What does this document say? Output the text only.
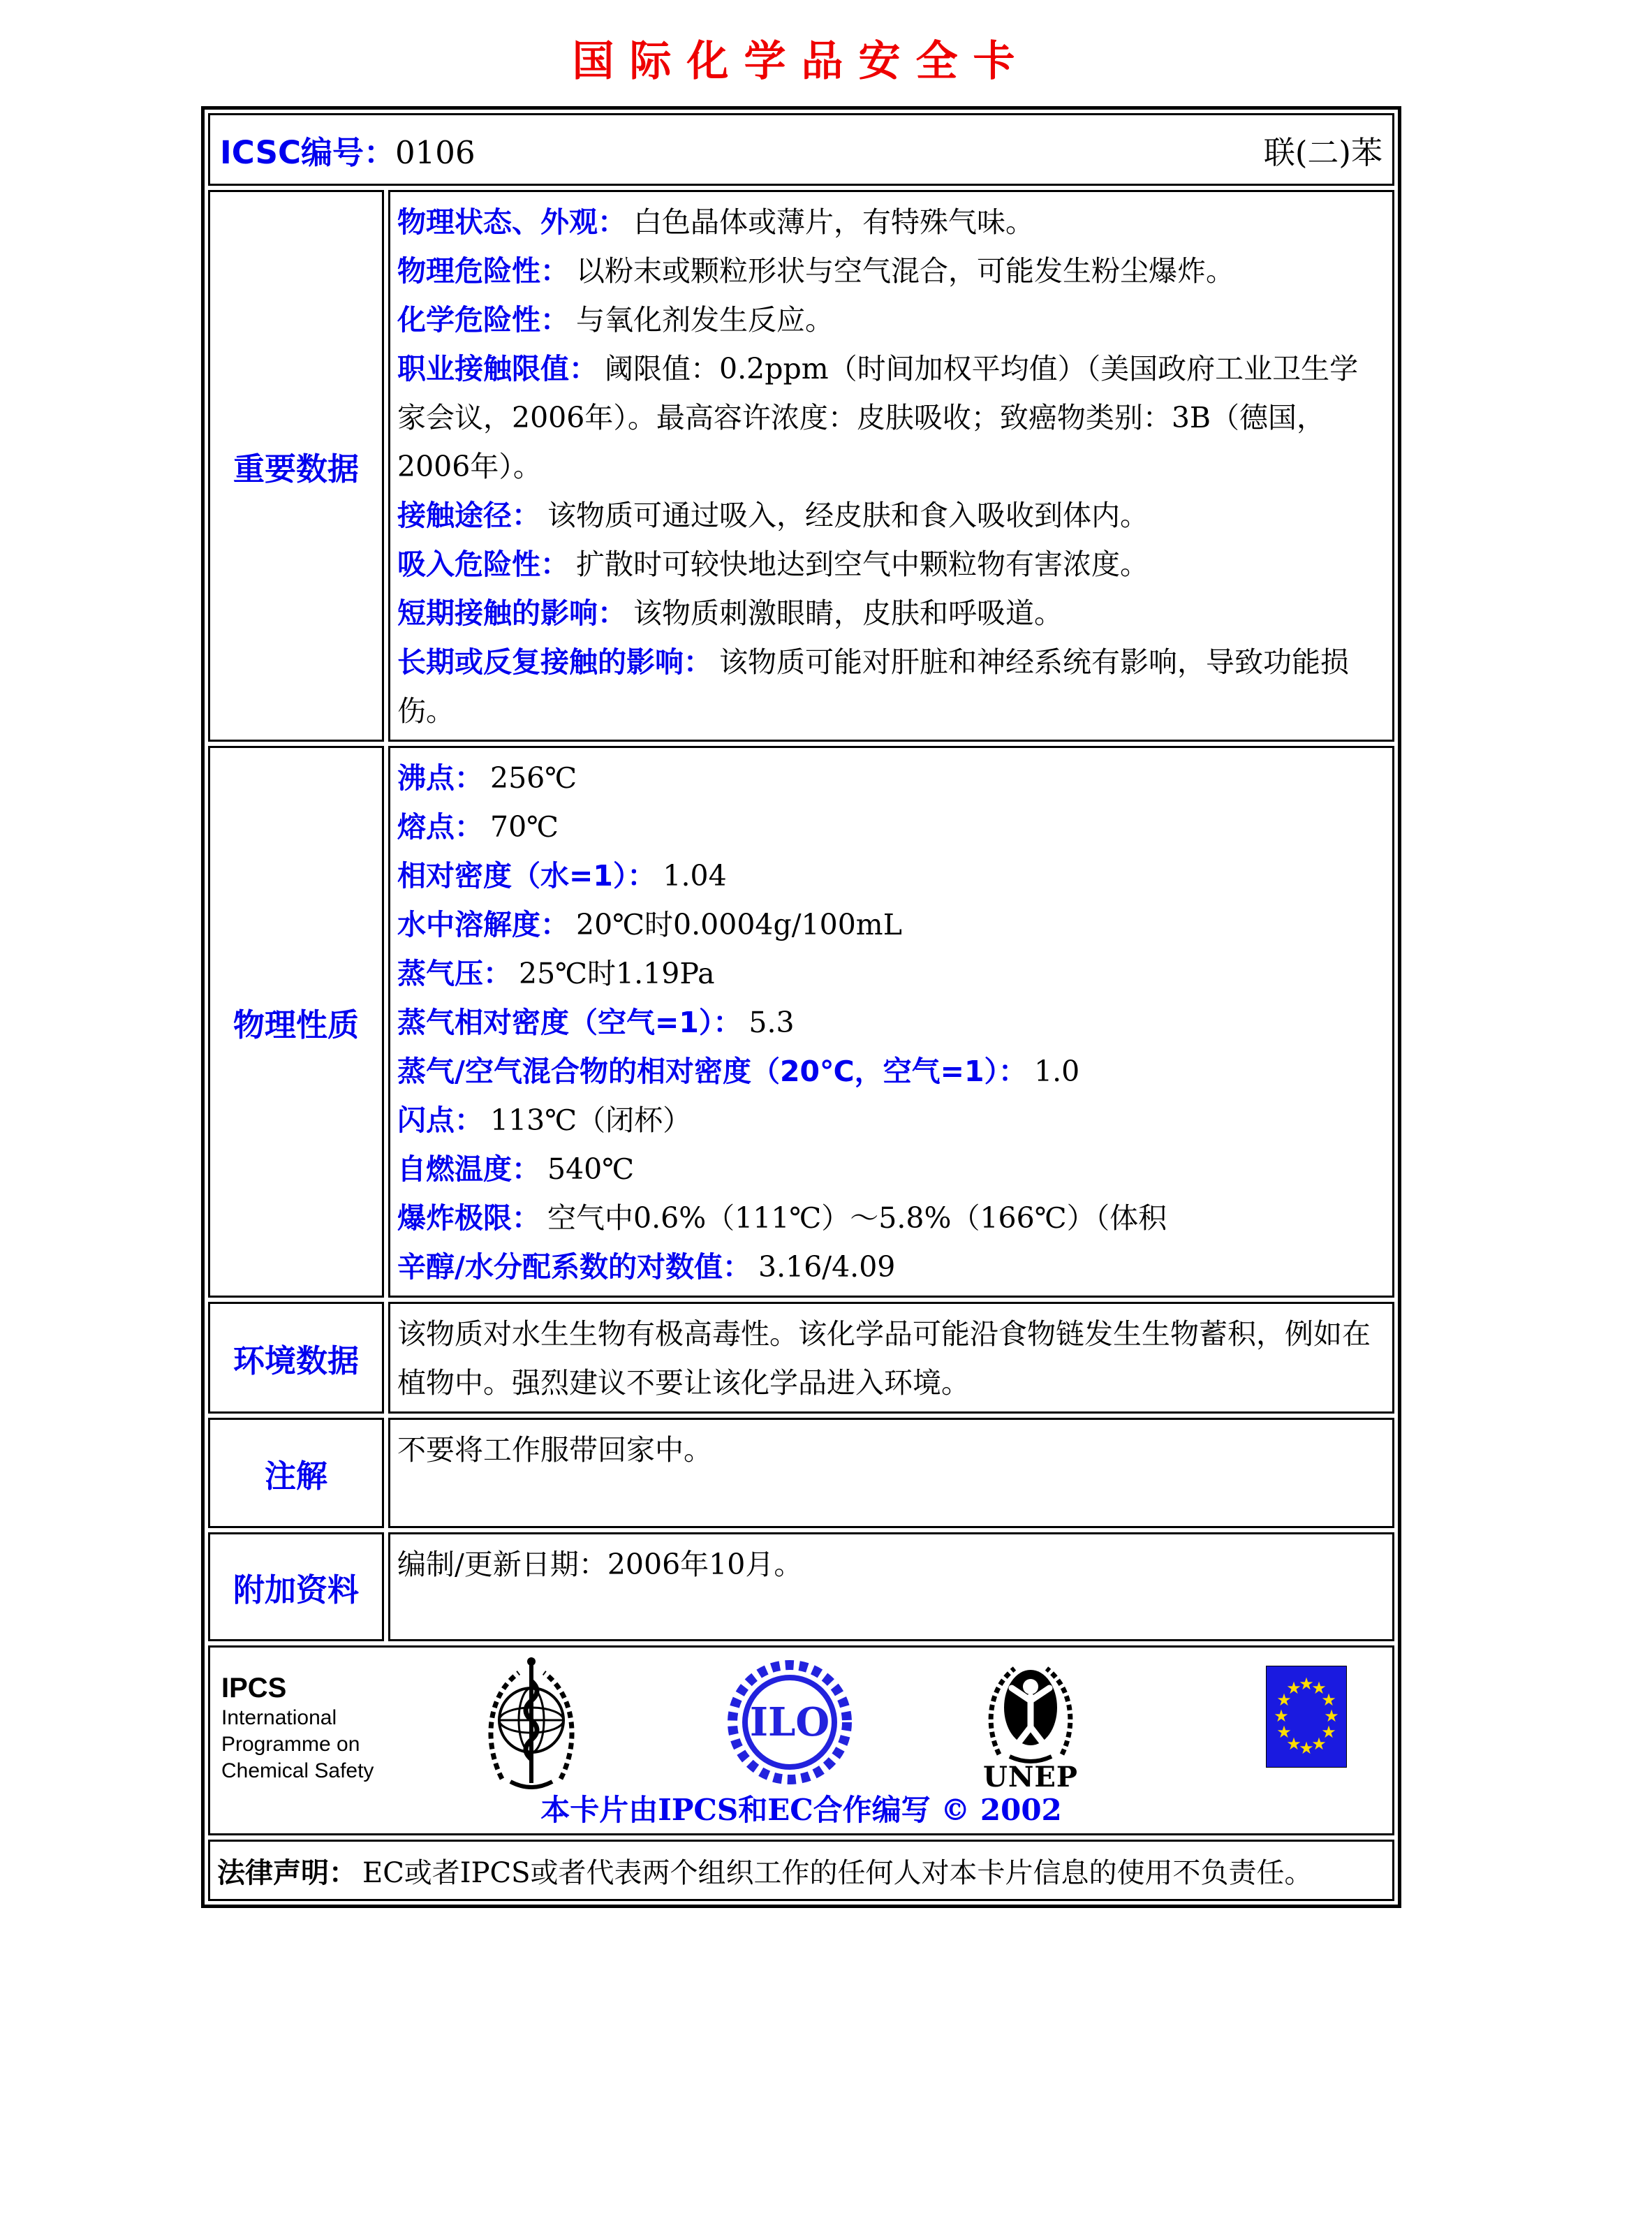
国际化学品安全卡
ICSC编号：0106	联(二)苯
重要数据
物理状态、外观： 白色晶体或薄片，有特殊气味。
物理危险性： 以粉末或颗粒形状与空气混合，可能发生粉尘爆炸。
化学危险性： 与氧化剂发生反应。
职业接触限值： 阈限值：0.2ppm（时间加权平均值）（美国政府工业卫生学家会议，2006年）。最高容许浓度：皮肤吸收；致癌物类别：3B（德国，2006年）。
接触途径： 该物质可通过吸入，经皮肤和食入吸收到体内。
吸入危险性： 扩散时可较快地达到空气中颗粒物有害浓度。
短期接触的影响： 该物质刺激眼睛，皮肤和呼吸道。
长期或反复接触的影响： 该物质可能对肝脏和神经系统有影响，导致功能损伤。
物理性质
沸点： 256℃
熔点： 70℃
相对密度（水=1）： 1.04
水中溶解度： 20℃时0.0004g/100mL
蒸气压： 25℃时1.19Pa
蒸气相对密度（空气=1）： 5.3
蒸气/空气混合物的相对密度（20℃，空气=1）： 1.0
闪点： 113℃（闭杯）
自燃温度： 540℃
爆炸极限： 空气中0.6%（111℃）～5.8%（166℃）（体积
辛醇/水分配系数的对数值： 3.16/4.09
环境数据
该物质对水生生物有极高毒性。该化学品可能沿食物链发生生物蓄积，例如在植物中。强烈建议不要让该化学品进入环境。
注解
不要将工作服带回家中。
附加资料
编制/更新日期：2006年10月。
IPCS
International
Programme on
Chemical Safety
ILO
UNEP
★
★
★
★
★
★
★
★
★
★
★
★
本卡片由IPCS和EC合作编写 © 2002
法律声明： EC或者IPCS或者代表两个组织工作的任何人对本卡片信息的使用不负责任。
